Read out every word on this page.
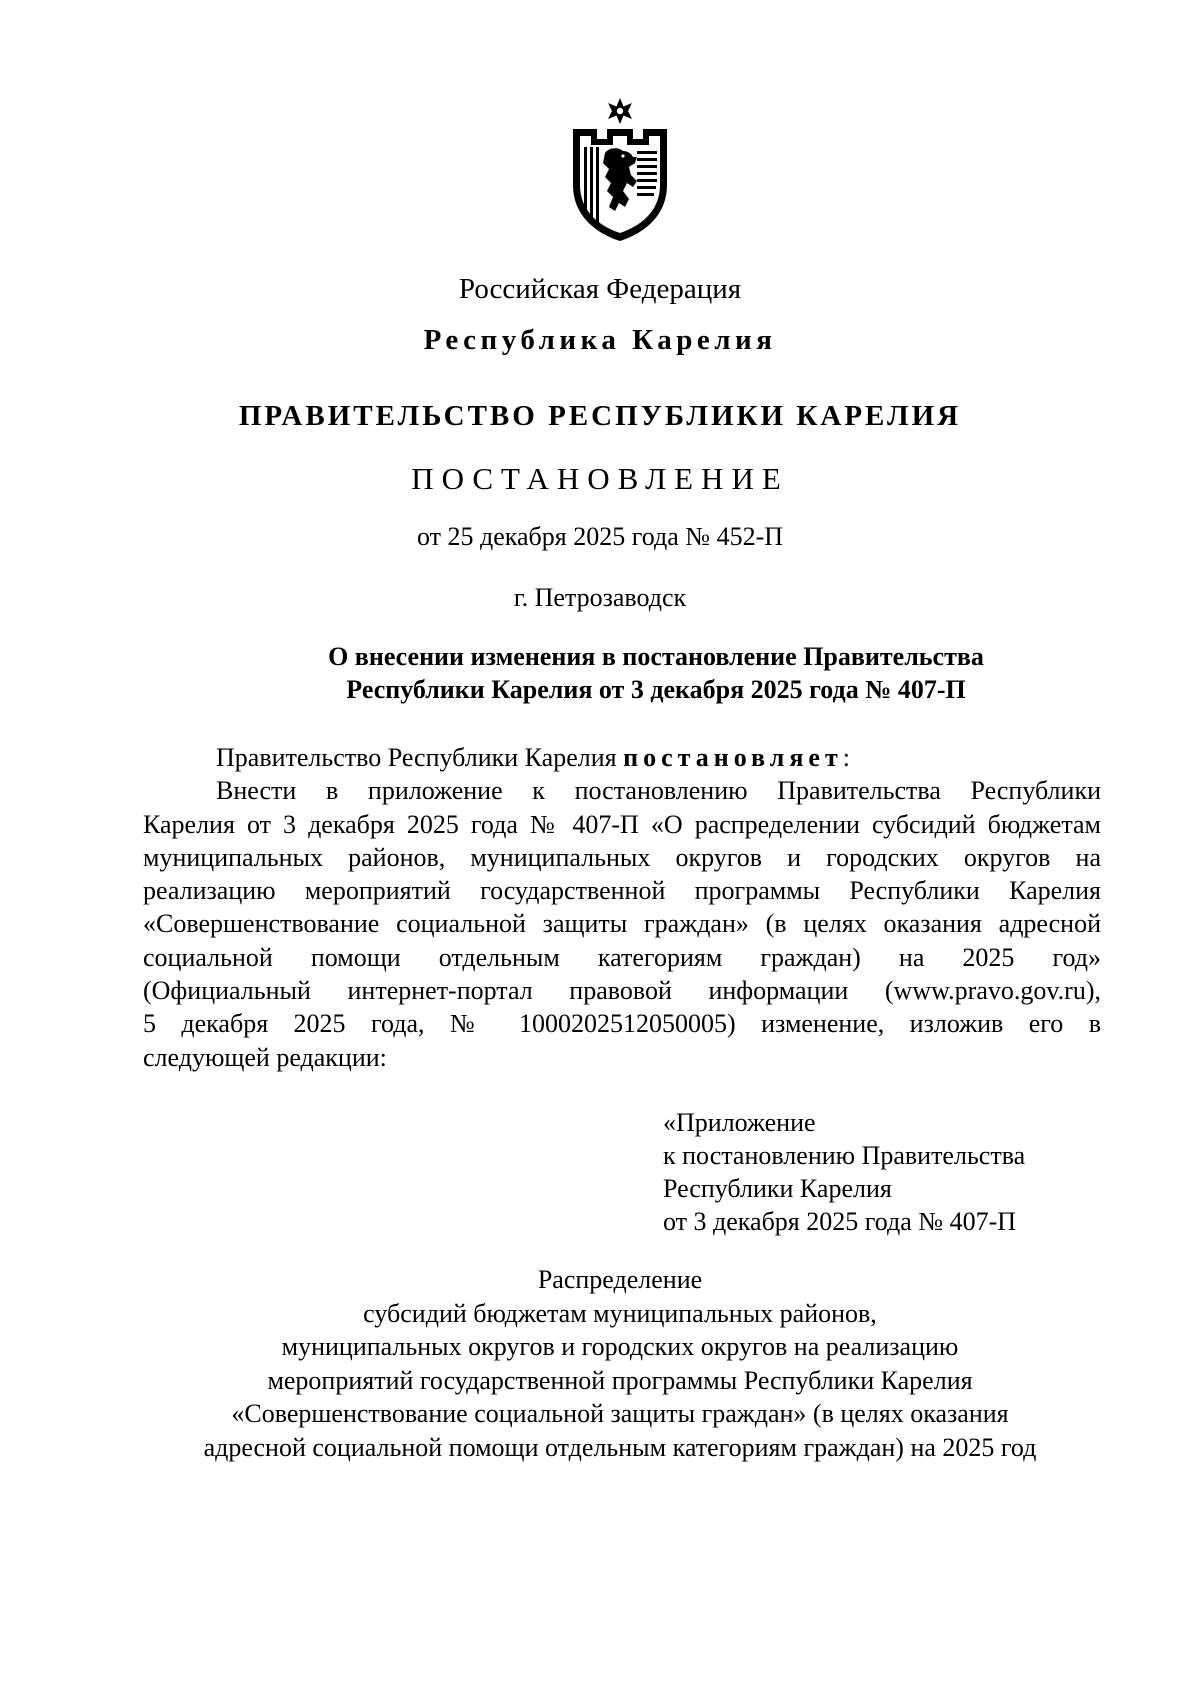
Российская Федерация
Республика Карелия
ПРАВИТЕЛЬСТВО РЕСПУБЛИКИ КАРЕЛИЯ
ПОСТАНОВЛЕНИЕ
от 25 декабря 2025 года № 452-П
г. Петрозаводск
О внесении изменения в постановление Правительства
Республики Карелия от 3 декабря 2025 года № 407-П
Правительство Республики Карелия постановляет:
Внести в приложение к постановлению Правительства Республики
Карелия от 3 декабря 2025 года № 407-П «О распределении субсидий бюджетам
муниципальных районов, муниципальных округов и городских округов на
реализацию мероприятий государственной программы Республики Карелия
«Совершенствование социальной защиты граждан» (в целях оказания адресной
социальной помощи отдельным категориям граждан) на 2025 год»
(Официальный интернет-портал правовой информации (www.pravo.gov.ru),
5 декабря 2025 года, № 1000202512050005) изменение, изложив его в
следующей редакции:
«Приложение
к постановлению Правительства
Республики Карелия
от 3 декабря 2025 года № 407-П
Распределение
субсидий бюджетам муниципальных районов,
муниципальных округов и городских округов на реализацию
мероприятий государственной программы Республики Карелия
«Совершенствование социальной защиты граждан» (в целях оказания
адресной социальной помощи отдельным категориям граждан) на 2025 год
